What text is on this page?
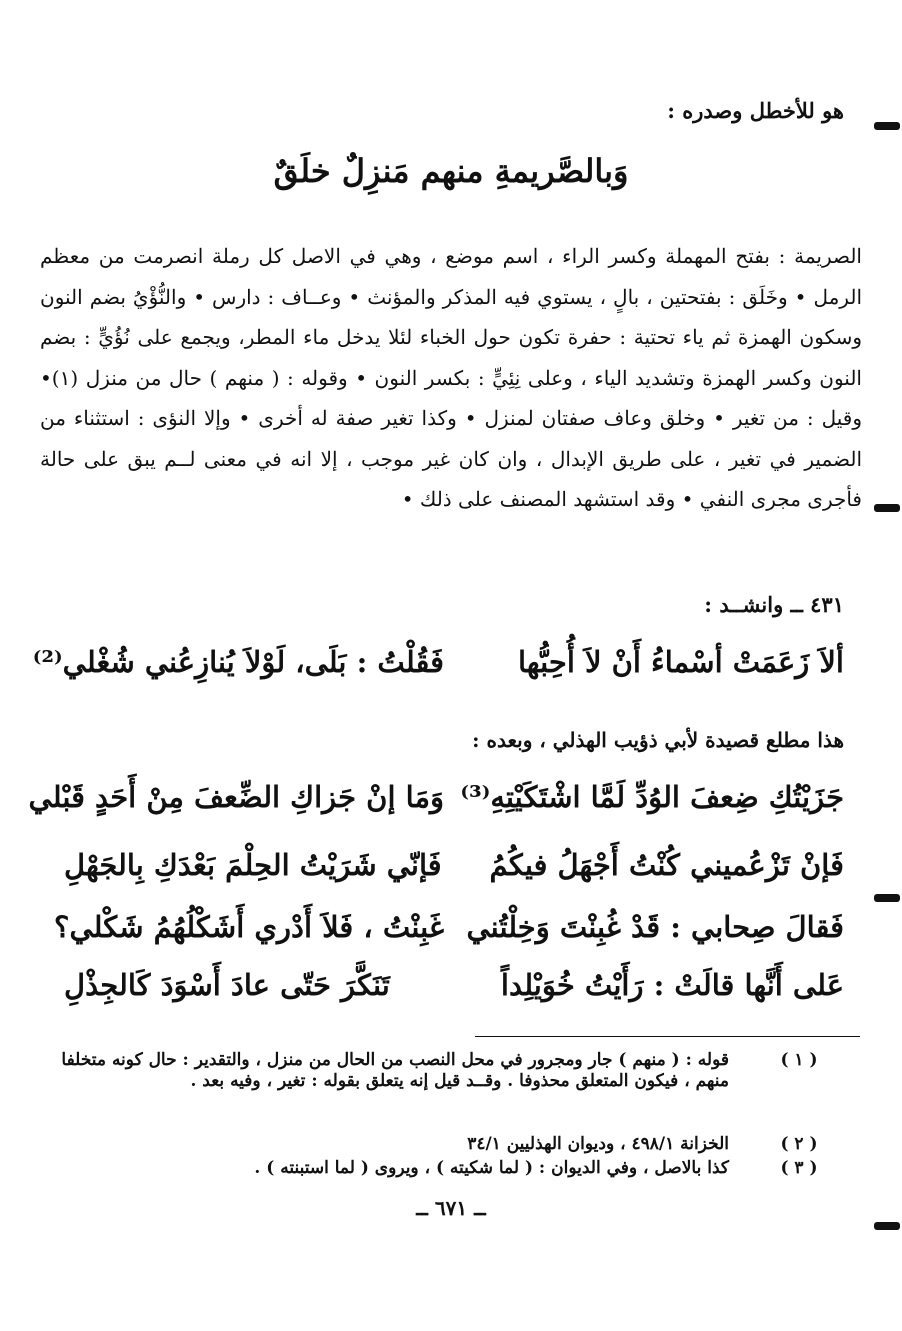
هو للأخطل وصدره :
وَبالصَّريمةِ منهم مَنزِلٌ خلَقٌ
الصريمة : بفتح المهملة وكسر الراء ، اسم موضع ، وهي في الاصل كل رملة انصرمت من معظم الرمل • وخَلَق : بفتحتين ، بالٍ ، يستوي فيه المذكر والمؤنث • وعــاف : دارس • والنُّؤْيُ بضم النون وسكون الهمزة ثم ياء تحتية : حفرة تكون حول الخباء لئلا يدخل ماء المطر، ويجمع على نُؤُيٍّ : بضم النون وكسر الهمزة وتشديد الياء ، وعلى نِئِيٍّ : بكسر النون • وقوله : ( منهم ) حال من منزل (١)• وقيل : من تغير • وخلق وعاف صفتان لمنزل • وكذا تغير صفة له أخرى • وإلا النؤى : استثناء من الضمير في تغير ، على طريق الإبدال ، وان كان غير موجب ، إلا انه في معنى لــم يبق على حالة فأجرى مجرى النفي • وقد استشهد المصنف على ذلك •
٤٣١ ــ وانشــد :
ألاَ زَعَمَتْ أسْماءُ أَنْ لاَ أُحِبُّها
فَقُلْتُ : بَلَى، لَوْلاَ يُنازِعُني شُغْلي⁽²⁾
هذا مطلع قصيدة لأبي ذؤيب الهذلي ، وبعده :
جَزَيْتُكِ ضِعفَ الوُدِّ لَمَّا اشْتَكَيْتِهِ⁽³⁾
وَمَا إنْ جَزاكِ الضِّعفَ مِنْ أَحَدٍ قَبْلي
فَإنْ تَزْعُميني كُنْتُ أَجْهَلُ فيكُمُ
فَإنّي شَرَيْتُ الحِلْمَ بَعْدَكِ بِالجَهْلِ
فَقالَ صِحابي : قَدْ غُبِنْتَ وَخِلْتُني
غَبِنْتُ ، فَلاَ أَدْري أَشَكْلُهُمُ شَكْلي؟
عَلى أَنَّها قالَتْ : رَأَيْتُ خُوَيْلِداً
تَنَكَّرَ حَتّى عادَ أَسْوَدَ كَالجِذْلِ
( ١ )
قوله : ( منهم ) جار ومجرور في محل النصب من الحال من منزل ، والتقدير : حال كونه متخلفا منهم ، فيكون المتعلق محذوفا . وقــد قيل إنه يتعلق بقوله : تغير ، وفيه بعد .
( ٢ )
الخزانة ٤٩٨/١ ، وديوان الهذليين ٣٤/١
( ٣ )
كذا بالاصل ، وفي الديوان : ( لما شكيته ) ، ويروى ( لما استبنته ) .
ــ ٦٧١ ــ
